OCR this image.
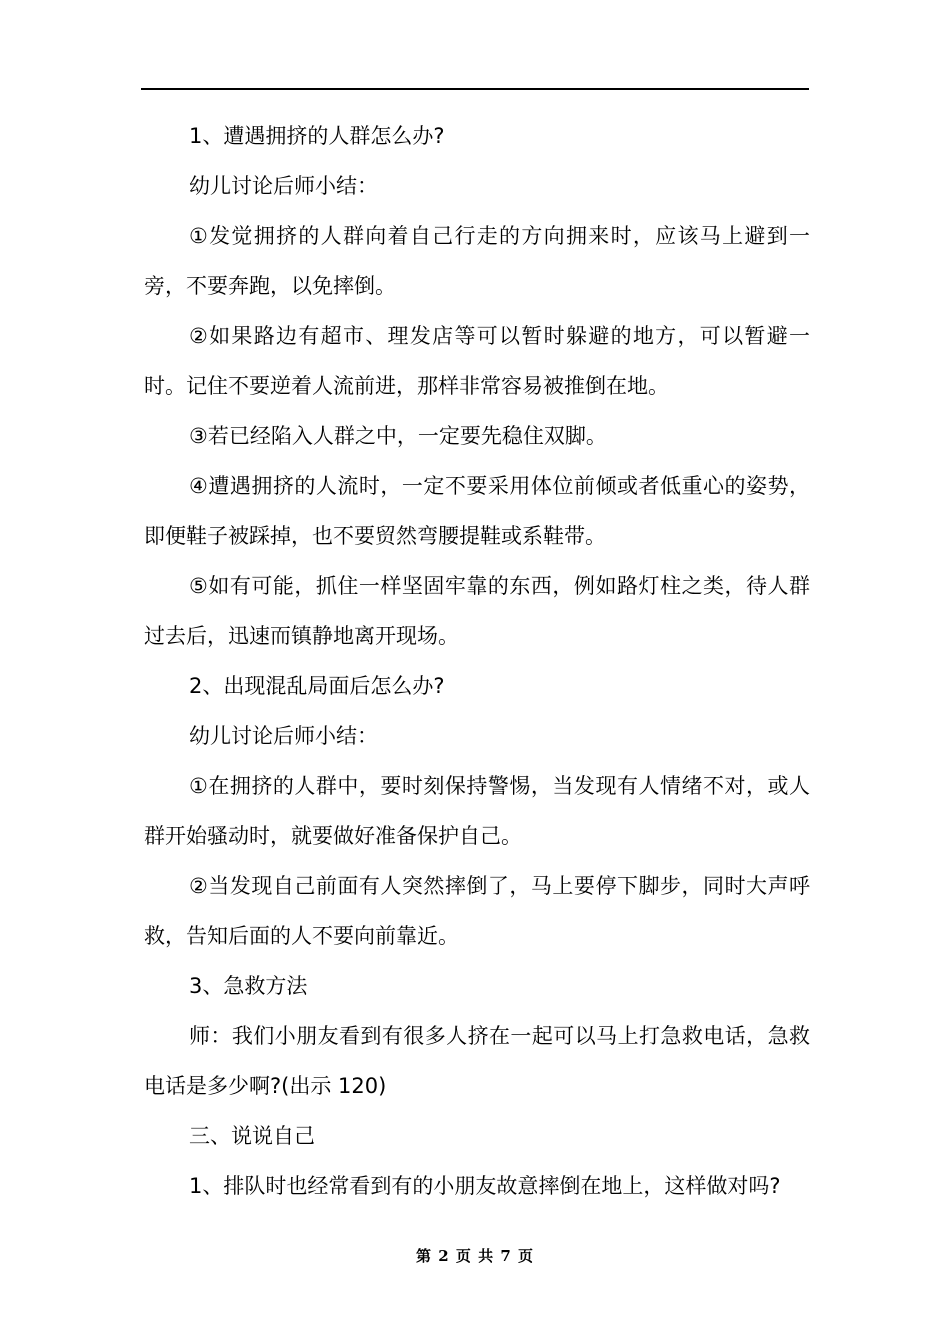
1、遭遇拥挤的人群怎么办?

幼儿讨论后师小结：

①发觉拥挤的人群向着自己行走的方向拥来时，应该马上避到一旁，不要奔跑，以免摔倒。

②如果路边有超市、理发店等可以暂时躲避的地方，可以暂避一时。记住不要逆着人流前进，那样非常容易被推倒在地。

③若已经陷入人群之中，一定要先稳住双脚。

④遭遇拥挤的人流时，一定不要采用体位前倾或者低重心的姿势，即便鞋子被踩掉，也不要贸然弯腰提鞋或系鞋带。

⑤如有可能，抓住一样坚固牢靠的东西，例如路灯柱之类，待人群过去后，迅速而镇静地离开现场。

2、出现混乱局面后怎么办?

幼儿讨论后师小结：

①在拥挤的人群中，要时刻保持警惕，当发现有人情绪不对，或人群开始骚动时，就要做好准备保护自己。

②当发现自己前面有人突然摔倒了，马上要停下脚步，同时大声呼救，告知后面的人不要向前靠近。

3、急救方法

师：我们小朋友看到有很多人挤在一起可以马上打急救电话，急救电话是多少啊?(出示 120)

三、说说自己

1、排队时也经常看到有的小朋友故意摔倒在地上，这样做对吗?

第 2 页 共 7 页
